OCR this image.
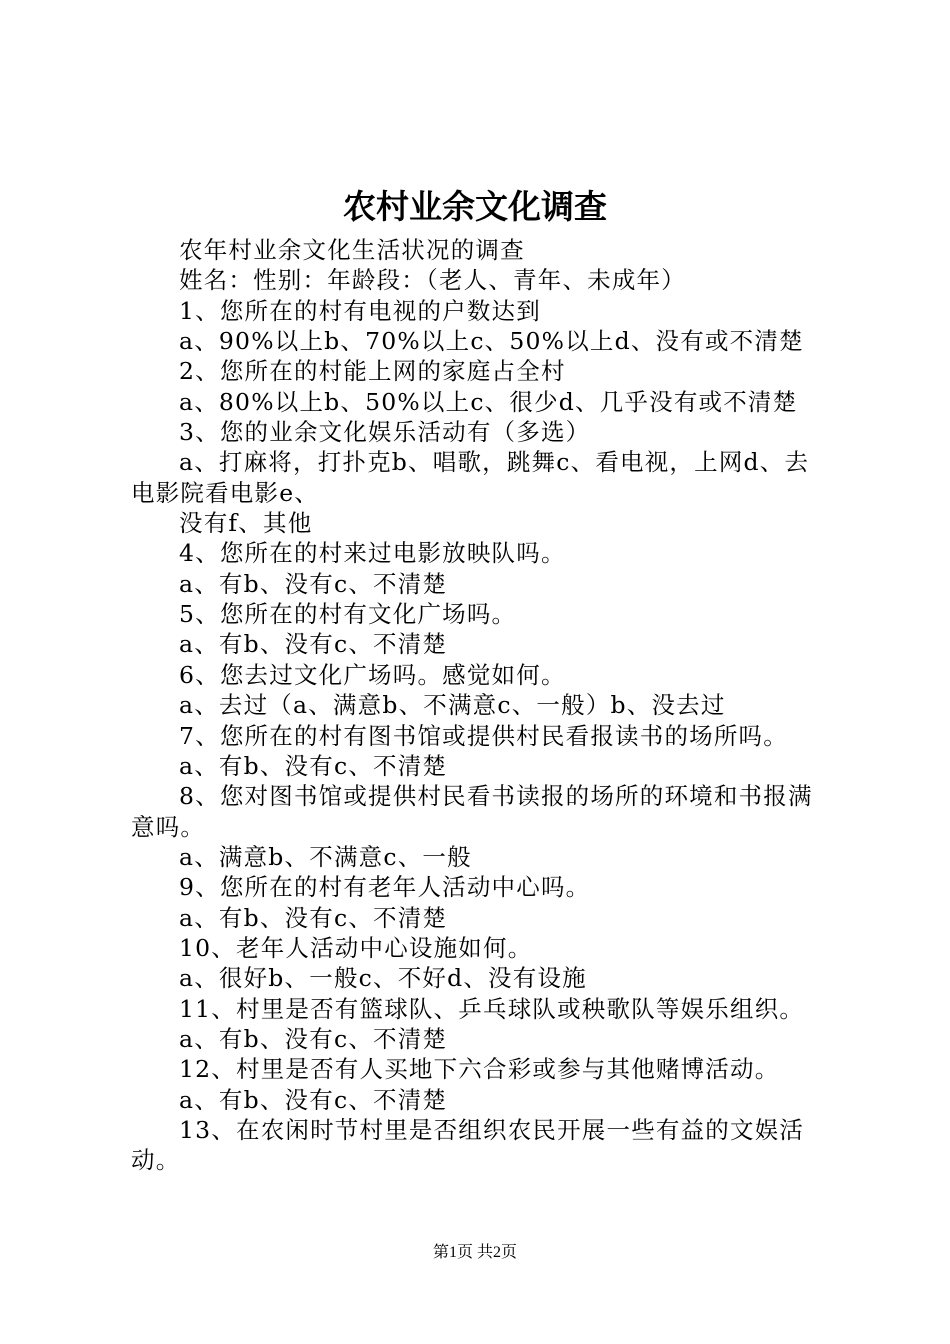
农村业余文化调查
农年村业余文化生活状况的调查
姓名：性别：年龄段：（老人、青年、未成年）
1、您所在的村有电视的户数达到
a、90%以上b、70%以上c、50%以上d、没有或不清楚
2、您所在的村能上网的家庭占全村
a、80%以上b、50%以上c、很少d、几乎没有或不清楚
3、您的业余文化娱乐活动有（多选）
a、打麻将，打扑克b、唱歌，跳舞c、看电视，上网d、去
电影院看电影e、
没有f、其他
4、您所在的村来过电影放映队吗。
a、有b、没有c、不清楚
5、您所在的村有文化广场吗。
a、有b、没有c、不清楚
6、您去过文化广场吗。感觉如何。
a、去过（a、满意b、不满意c、一般）b、没去过
7、您所在的村有图书馆或提供村民看报读书的场所吗。
a、有b、没有c、不清楚
8、您对图书馆或提供村民看书读报的场所的环境和书报满
意吗。
a、满意b、不满意c、一般
9、您所在的村有老年人活动中心吗。
a、有b、没有c、不清楚
10、老年人活动中心设施如何。
a、很好b、一般c、不好d、没有设施
11、村里是否有篮球队、乒乓球队或秧歌队等娱乐组织。
a、有b、没有c、不清楚
12、村里是否有人买地下六合彩或参与其他赌博活动。
a、有b、没有c、不清楚
13、在农闲时节村里是否组织农民开展一些有益的文娱活
动。
第1页 共2页
